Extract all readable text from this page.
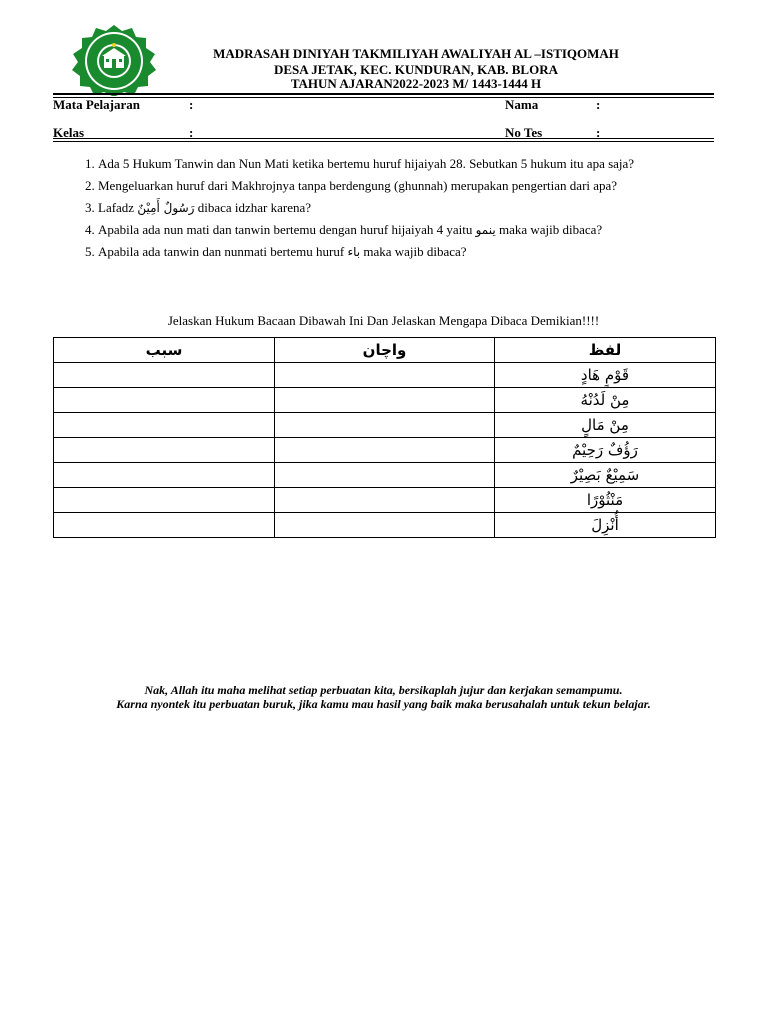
MADRASAH DINIYAH TAKMILIYAH AWALIYAH AL –ISTIQOMAH
DESA JETAK, KEC. KUNDURAN, KAB. BLORA
TAHUN AJARAN2022-2023 M/ 1443-1444 H
Mata Pelajaran	:	Nama	:
Kelas	:	No Tes	:
1. Ada 5 Hukum Tanwin dan Nun Mati ketika bertemu huruf hijaiyah 28. Sebutkan 5 hukum itu apa saja?
2. Mengeluarkan huruf dari Makhrojnya tanpa berdengung (ghunnah) merupakan pengertian dari apa?
3. Lafadz رَسُولٌ أَمِيْنٌ dibaca idzhar karena?
4. Apabila ada nun mati dan tanwin bertemu dengan huruf hijaiyah 4 yaitu ينمو maka wajib dibaca?
5. Apabila ada tanwin dan nunmati bertemu huruf باء maka wajib dibaca?
Jelaskan Hukum Bacaan Dibawah Ini Dan Jelaskan Mengapa Dibaca Demikian!!!!
سبب	واچان	لفظ
		قَوْمٍ هَادٍ
		مِنْ لَدُنْهُ
		مِنْ مَالٍ
		رَؤُفٌ رَحِيْمٌ
		سَمِيْعٌ بَصِيْرٌ
		مَنْثُوْرًا
		أُنْزِلَ
Nak, Allah itu maha melihat setiap perbuatan kita, bersikaplah jujur dan kerjakan semampumu.
Karna nyontek itu perbuatan buruk, jika kamu mau hasil yang baik maka berusahalah untuk tekun belajar.
